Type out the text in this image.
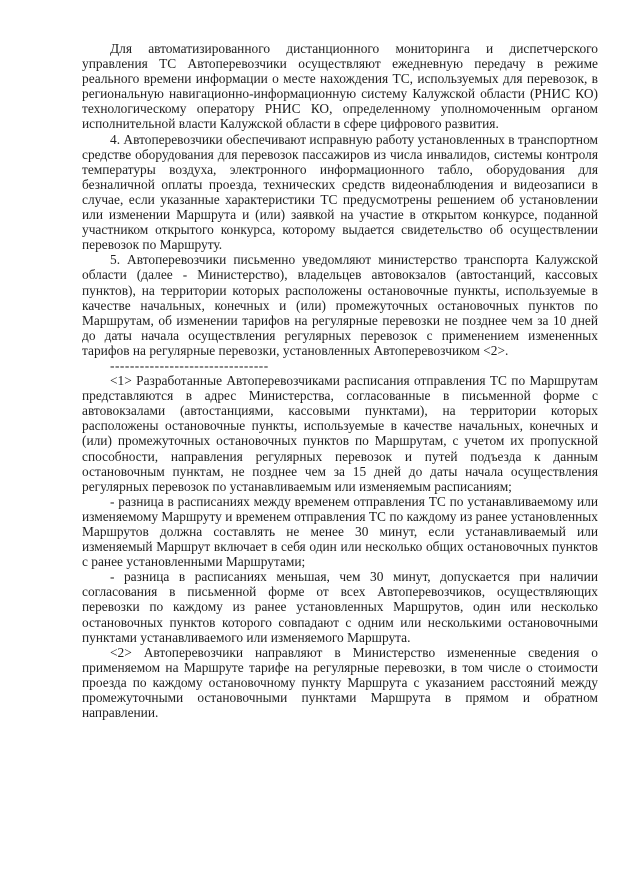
Для автоматизированного дистанционного мониторинга и диспетчерского управления ТС Автоперевозчики осуществляют ежедневную передачу в режиме реального времени информации о месте нахождения ТС, используемых для перевозок, в региональную навигационно-информационную систему Калужской области (РНИС КО) технологическому оператору РНИС КО, определенному уполномоченным органом исполнительной власти Калужской области в сфере цифрового развития.

4. Автоперевозчики обеспечивают исправную работу установленных в транспортном средстве оборудования для перевозок пассажиров из числа инвалидов, системы контроля температуры воздуха, электронного информационного табло, оборудования для безналичной оплаты проезда, технических средств видеонаблюдения и видеозаписи в случае, если указанные характеристики ТС предусмотрены решением об установлении или изменении Маршрута и (или) заявкой на участие в открытом конкурсе, поданной участником открытого конкурса, которому выдается свидетельство об осуществлении перевозок по Маршруту.

5. Автоперевозчики письменно уведомляют министерство транспорта Калужской области (далее - Министерство), владельцев автовокзалов (автостанций, кассовых пунктов), на территории которых расположены остановочные пункты, используемые в качестве начальных, конечных и (или) промежуточных остановочных пунктов по Маршрутам, об изменении тарифов на регулярные перевозки не позднее чем за 10 дней до даты начала осуществления регулярных перевозок с применением измененных тарифов на регулярные перевозки, установленных Автоперевозчиком <2>.

--------------------------------

<1> Разработанные Автоперевозчиками расписания отправления ТС по Маршрутам представляются в адрес Министерства, согласованные в письменной форме с автовокзалами (автостанциями, кассовыми пунктами), на территории которых расположены остановочные пункты, используемые в качестве начальных, конечных и (или) промежуточных остановочных пунктов по Маршрутам, с учетом их пропускной способности, направления регулярных перевозок и путей подъезда к данным остановочным пунктам, не позднее чем за 15 дней до даты начала осуществления регулярных перевозок по устанавливаемым или изменяемым расписаниям;

- разница в расписаниях между временем отправления ТС по устанавливаемому или изменяемому Маршруту и временем отправления ТС по каждому из ранее установленных Маршрутов должна составлять не менее 30 минут, если устанавливаемый или изменяемый Маршрут включает в себя один или несколько общих остановочных пунктов с ранее установленными Маршрутами;

- разница в расписаниях меньшая, чем 30 минут, допускается при наличии согласования в письменной форме от всех Автоперевозчиков, осуществляющих перевозки по каждому из ранее установленных Маршрутов, один или несколько остановочных пунктов которого совпадают с одним или несколькими остановочными пунктами устанавливаемого или изменяемого Маршрута.

<2> Автоперевозчики направляют в Министерство измененные сведения о применяемом на Маршруте тарифе на регулярные перевозки, в том числе о стоимости проезда по каждому остановочному пункту Маршрута с указанием расстояний между промежуточными остановочными пунктами Маршрута в прямом и обратном направлении.
